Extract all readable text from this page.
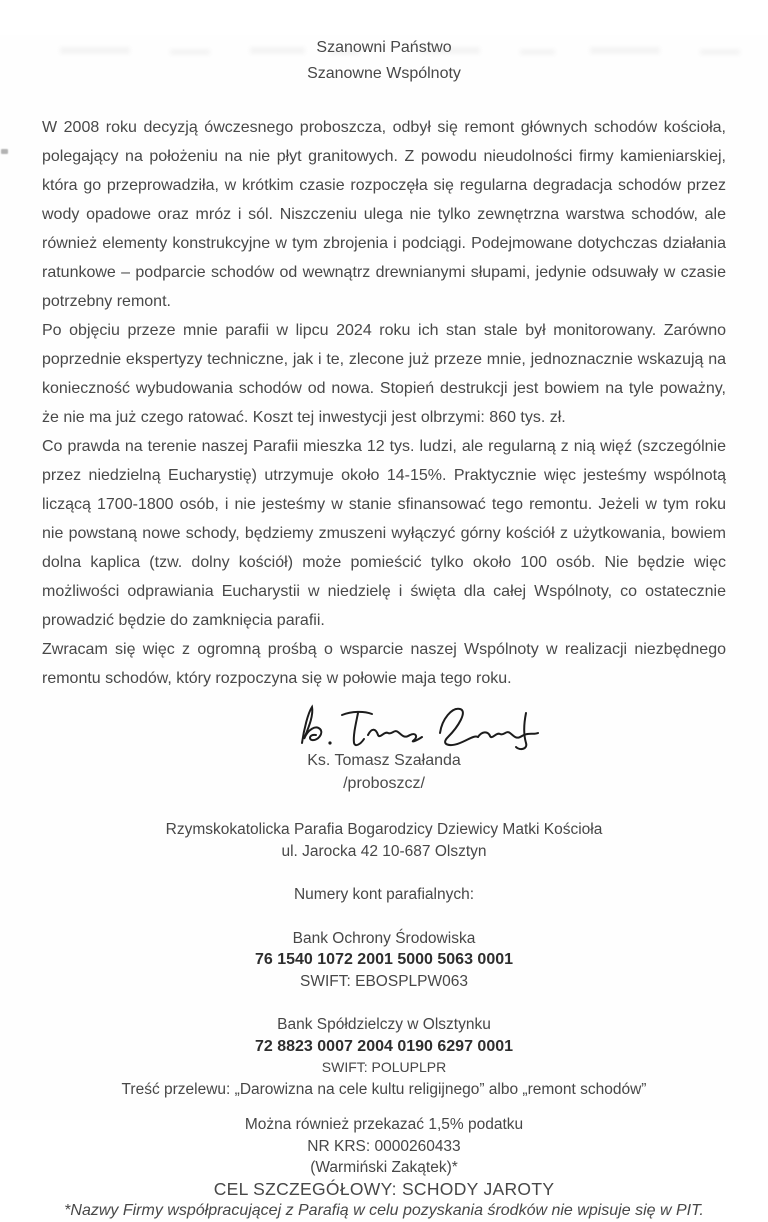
Szanowni Państwo
Szanowne Wspólnoty

W 2008 roku decyzją ówczesnego proboszcza, odbył się remont głównych schodów kościoła, polegający na położeniu na nie płyt granitowych. Z powodu nieudolności firmy kamieniarskiej, która go przeprowadziła, w krótkim czasie rozpoczęła się regularna degradacja schodów przez wody opadowe oraz mróz i sól. Niszczeniu ulega nie tylko zewnętrzna warstwa schodów, ale również elementy konstrukcyjne w tym zbrojenia i podciągi. Podejmowane dotychczas działania ratunkowe – podparcie schodów od wewnątrz drewnianymi słupami, jedynie odsuwały w czasie potrzebny remont.

Po objęciu przeze mnie parafii w lipcu 2024 roku ich stan stale był monitorowany. Zarówno poprzednie ekspertyzy techniczne, jak i te, zlecone już przeze mnie, jednoznacznie wskazują na konieczność wybudowania schodów od nowa. Stopień destrukcji jest bowiem na tyle poważny, że nie ma już czego ratować. Koszt tej inwestycji jest olbrzymi: 860 tys. zł.

Co prawda na terenie naszej Parafii mieszka 12 tys. ludzi, ale regularną z nią więź (szczególnie przez niedzielną Eucharystię) utrzymuje około 14-15%. Praktycznie więc jesteśmy wspólnotą liczącą 1700-1800 osób, i nie jesteśmy w stanie sfinansować tego remontu. Jeżeli w tym roku nie powstaną nowe schody, będziemy zmuszeni wyłączyć górny kościół z użytkowania, bowiem dolna kaplica (tzw. dolny kościół) może pomieścić tylko około 100 osób. Nie będzie więc możliwości odprawiania Eucharystii w niedzielę i święta dla całej Wspólnoty, co ostatecznie prowadzić będzie do zamknięcia parafii.

Zwracam się więc z ogromną prośbą o wsparcie naszej Wspólnoty w realizacji niezbędnego remontu schodów, który rozpoczyna się w połowie maja tego roku.

Ks. Tomasz Szałanda
/proboszcz/
Rzymskokatolicka Parafia Bogarodzicy Dziewicy Matki Kościoła
ul. Jarocka 42 10-687 Olsztyn
Numery kont parafialnych:
Bank Ochrony Środowiska
76 1540 1072 2001 5000 5063 0001
SWIFT: EBOSPLPW063
Bank Spółdzielczy w Olsztynku
72 8823 0007 2004 0190 6297 0001
SWIFT: POLUPLPR
Treść przelewu: „Darowizna na cele kultu religijnego” albo „remont schodów”
Można również przekazać 1,5% podatku
NR KRS: 0000260433
(Warmiński Zakątek)*
CEL SZCZEGÓŁOWY: SCHODY JAROTY
*Nazwy Firmy współpracującej z Parafią w celu pozyskania środków nie wpisuje się w PIT.
